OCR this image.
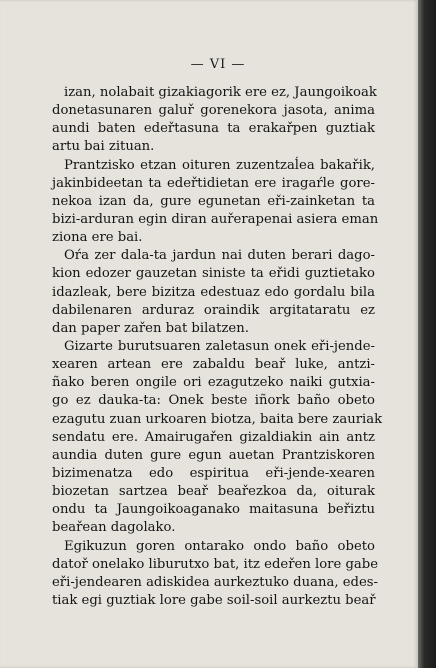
— VI —
izan, nolabait gizakiagorik ere ez, Jaungoikoak
donetasunaren galuř gorenekora jasota, anima
aundi baten edeřtasuna ta erakařpen guztiak
artu bai zituan.
Prantzisko etzan oituren zuzentzaĺea bakařik,
jakinbideetan ta edeřtidietan ere iragaŕle gore-
nekoa izan da, gure egunetan eři-zainketan ta
bizi-arduran egin diran auřerapenai asiera eman
ziona ere bai.
Oŕa zer dala-ta jardun nai duten berari dago-
kion edozer gauzetan siniste ta eřidi guztietako
idazleak, bere bizitza edestuaz edo gordalu bila
dabilenaren arduraz oraindik argitataratu ez
dan paper zařen bat bilatzen.
Gizarte burutsuaren zaletasun onek eři-jende-
xearen artean ere zabaldu beař luke, antzi-
ñako beren ongile ori ezagutzeko naiki gutxia-
go ez dauka-ta: Onek beste iñork baño obeto
ezagutu zuan urkoaren biotza, baita bere zauriak
sendatu ere. Amairugařen gizaldiakin ain antz
aundia duten gure egun auetan Prantziskoren
bizimenatza edo espiritua eři-jende-xearen
biozetan sartzea beař beařezkoa da, oiturak
ondu ta Jaungoikoaganako maitasuna beřiztu
beařean dagolako.
Egikuzun goren ontarako ondo baño obeto
datoř onelako liburutxo bat, itz edeřen lore gabe
eři-jendearen adiskidea aurkeztuko duana, edes-
tiak egi guztiak lore gabe soil-soil aurkeztu beař
